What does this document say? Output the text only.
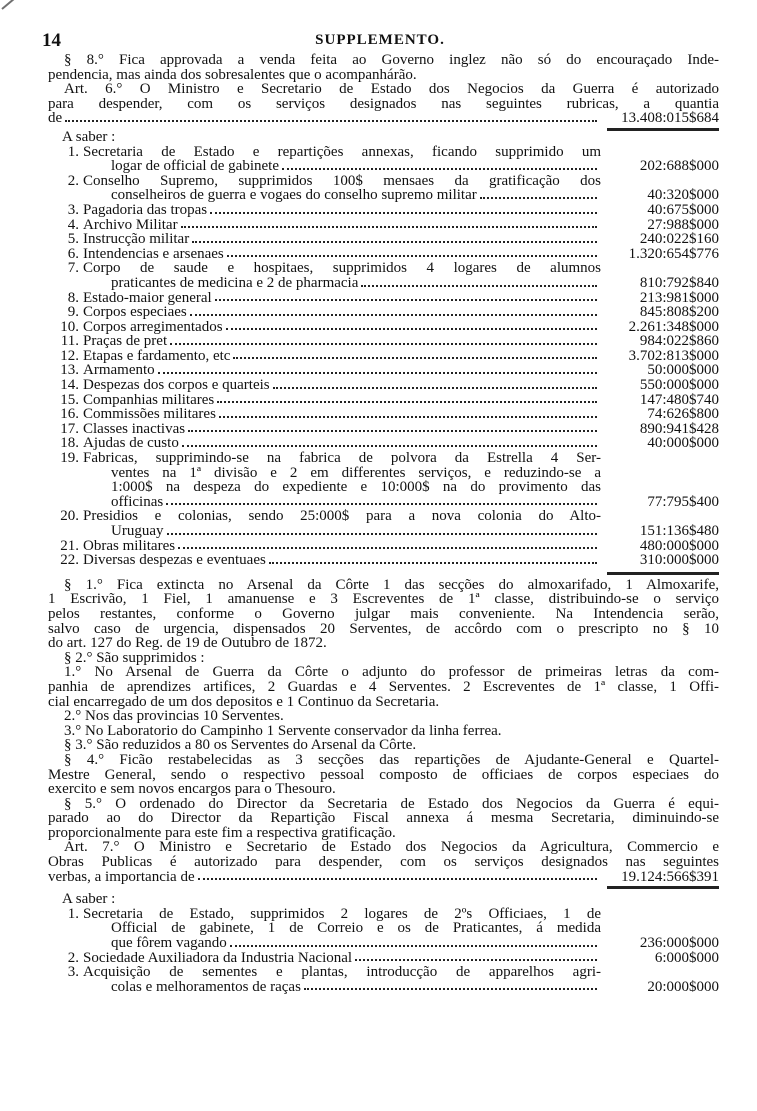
14	SUPPLEMENTO.
§ 8.° Fica approvada a venda feita ao Governo inglez não só do encouraçado Inde-
pendencia, mas ainda dos sobresalentes que o acompanhárão.
Art. 6.° O Ministro e Secretario de Estado dos Negocios da Guerra é autorizado
para despender, com os serviços designados nas seguintes rubricas, a quantia
de	13.408:015$684
A saber :
1. Secretaria de Estado e repartições annexas, ficando supprimido um
logar de official de gabinete	202:688$000
2. Conselho Supremo, supprimidos 100$ mensaes da gratificação dos
conselheiros de guerra e vogaes do conselho supremo militar	40:320$000
3. Pagadoria das tropas	40:675$000
4. Archivo Militar	27:988$000
5. Instrucção militar	240:022$160
6. Intendencias e arsenaes	1.320:654$776
7. Corpo de saude e hospitaes, supprimidos 4 logares de alumnos
praticantes de medicina e 2 de pharmacia	810:792$840
8. Estado-maior general	213:981$000
9. Corpos especiaes	845:808$200
10. Corpos arregimentados	2.261:348$000
11. Praças de pret	984:022$860
12. Etapas e fardamento, etc	3.702:813$000
13. Armamento	50:000$000
14. Despezas dos corpos e quarteis	550:000$000
15. Companhias militares	147:480$740
16. Commissões militares	74:626$800
17. Classes inactivas	890:941$428
18. Ajudas de custo	40:000$000
19. Fabricas, supprimindo-se na fabrica de polvora da Estrella 4 Ser-
ventes na 1ª divisão e 2 em differentes serviços, e reduzindo-se a
1:000$ na despeza do expediente e 10:000$ na do provimento das
officinas	77:795$400
20. Presidios e colonias, sendo 25:000$ para a nova colonia do Alto-
Uruguay	151:136$480
21. Obras militares	480:000$000
22. Diversas despezas e eventuaes	310:000$000
§ 1.° Fica extincta no Arsenal da Côrte 1 das secções do almoxarifado, 1 Almoxarife,
1 Escrivão, 1 Fiel, 1 amanuense e 3 Escreventes de 1ª classe, distribuindo-se o serviço
pelos restantes, conforme o Governo julgar mais conveniente. Na Intendencia serão,
salvo caso de urgencia, dispensados 20 Serventes, de accôrdo com o prescripto no § 10
do art. 127 do Reg. de 19 de Outubro de 1872.
§ 2.° São supprimidos :
1.° No Arsenal de Guerra da Côrte o adjunto do professor de primeiras letras da com-
panhia de aprendizes artifices, 2 Guardas e 4 Serventes. 2 Escreventes de 1ª classe, 1 Offi-
cial encarregado de um dos depositos e 1 Continuo da Secretaria.
2.° Nos das provincias 10 Serventes.
3.° No Laboratorio do Campinho 1 Servente conservador da linha ferrea.
§ 3.° São reduzidos a 80 os Serventes do Arsenal da Côrte.
§ 4.° Ficão restabelecidas as 3 secções das repartições de Ajudante-General e Quartel-
Mestre General, sendo o respectivo pessoal composto de officiaes de corpos especiaes do
exercito e sem novos encargos para o Thesouro.
§ 5.° O ordenado do Director da Secretaria de Estado dos Negocios da Guerra é equi-
parado ao do Director da Repartição Fiscal annexa á mesma Secretaria, diminuindo-se
proporcionalmente para este fim a respectiva gratificação.
Art. 7.° O Ministro e Secretario de Estado dos Negocios da Agricultura, Commercio e
Obras Publicas é autorizado para despender, com os serviços designados nas seguintes
verbas, a importancia de	19.124:566$391
A saber :
1. Secretaria de Estado, supprimidos 2 logares de 2ºs Officiaes, 1 de
Official de gabinete, 1 de Correio e os de Praticantes, á medida
que fôrem vagando	236:000$000
2. Sociedade Auxiliadora da Industria Nacional	6:000$000
3. Acquisição de sementes e plantas, introducção de apparelhos agri-
colas e melhoramentos de raças	20:000$000
